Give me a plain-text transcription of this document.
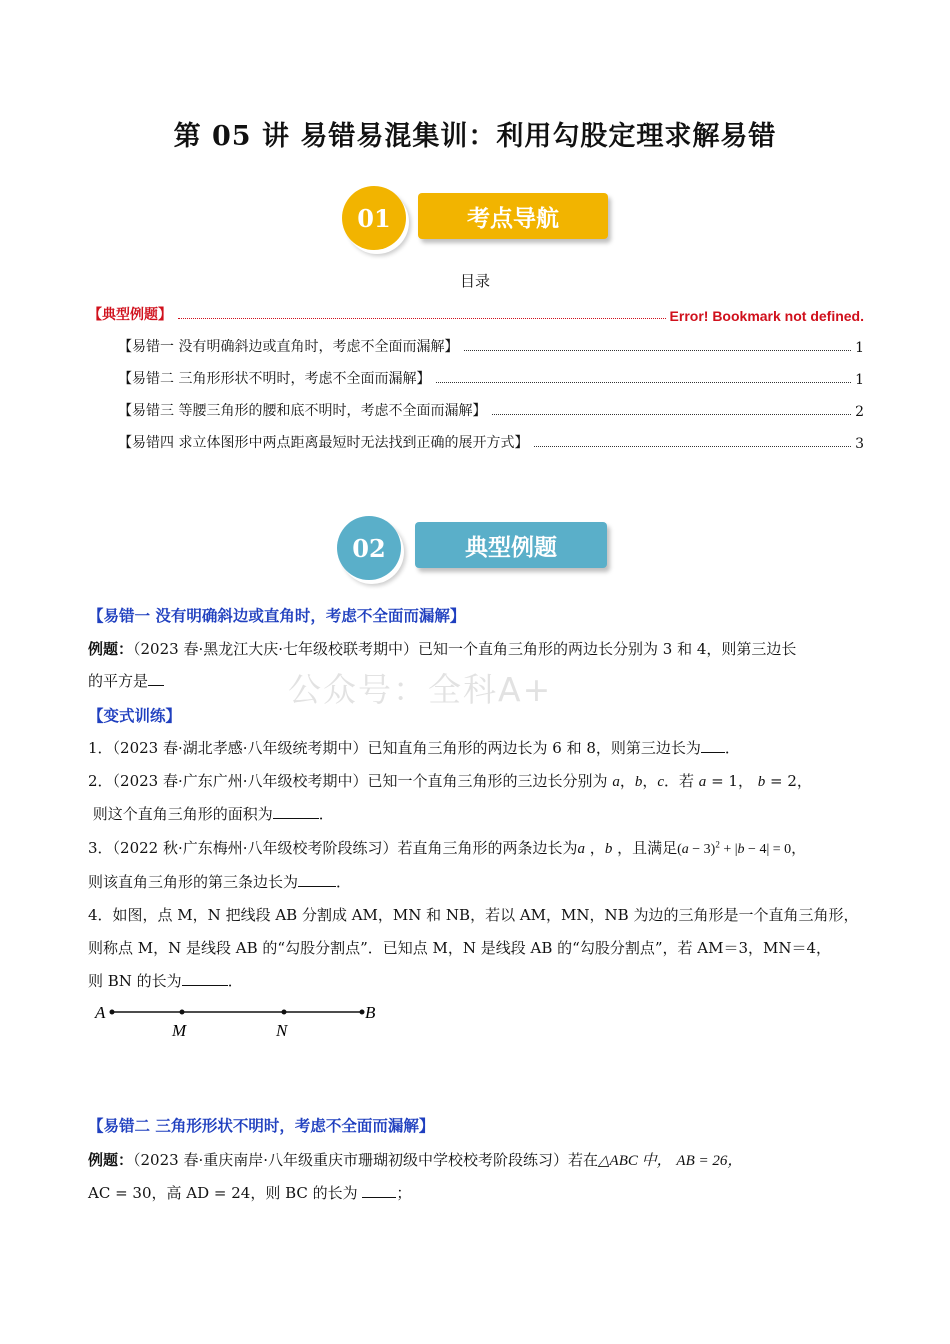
第 05 讲 易错易混集训：利用勾股定理求解易错
考点导航
01
目录
【典型例题】	Error! Bookmark not defined.
【易错一 没有明确斜边或直角时，考虑不全面而漏解】	1
【易错二 三角形形状不明时，考虑不全面而漏解】	1
【易错三 等腰三角形的腰和底不明时，考虑不全面而漏解】	2
【易错四 求立体图形中两点距离最短时无法找到正确的展开方式】	3
典型例题
02
公众号：全科A+
【易错一 没有明确斜边或直角时，考虑不全面而漏解】
例题：（2023 春·黑龙江大庆·七年级校联考期中）已知一个直角三角形的两边长分别为 3 和 4，则第三边长
的平方是
【变式训练】
1．（2023 春·湖北孝感·八年级统考期中）已知直角三角形的两边长为 6 和 8，则第三边长为 ．
2．（2023 春·广东广州·八年级校考期中）已知一个直角三角形的三边长分别为 a，b，c．若 a = 1， b = 2，
则这个直角三角形的面积为	．
3．（2022 秋·广东梅州·八年级校考阶段练习）若直角三角形的两条边长为a ，b ，且满足$(a - 3)^2 + |b - 4| = 0$，
则该直角三角形的第三条边长为	．
4．如图，点 M，N 把线段 AB 分割成 AM，MN 和 NB，若以 AM，MN，NB 为边的三角形是一个直角三角形，
则称点 M，N 是线段 AB 的“勾股分割点”．已知点 M，N 是线段 AB 的“勾股分割点”，若 AM＝3，MN＝4，
则 BN 的长为	．
A
M	N
B
【易错二 三角形形状不明时，考虑不全面而漏解】
例题：（2023 春·重庆南岸·八年级重庆市珊瑚初级中学校校考阶段练习）若在△ABC 中， AB = 26，
AC = 30，高 AD = 24，则 BC 的长为	；
